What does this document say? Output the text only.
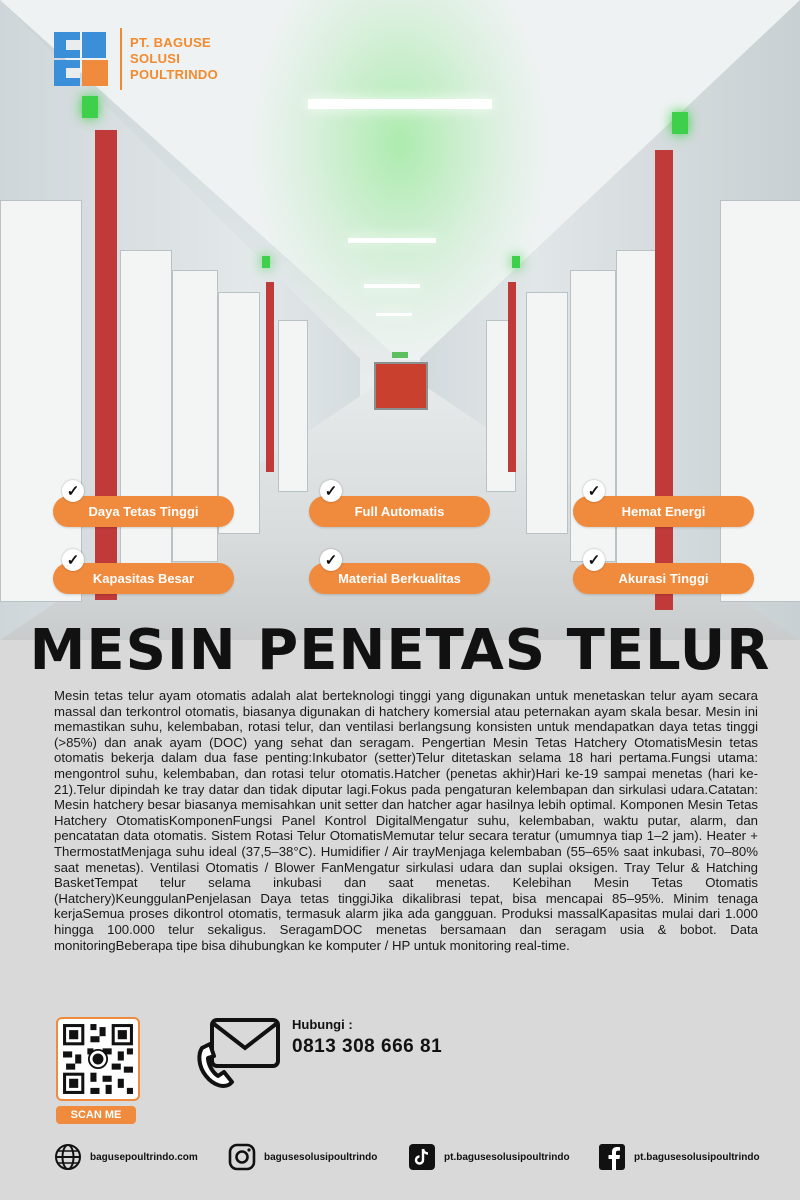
PT. BAGUSE
SOLUSI
POULTRINDO
Daya Tetas Tinggi
✓
Full Automatis
✓
Hemat Energi
✓
Kapasitas Besar
✓
Material Berkualitas
✓
Akurasi Tinggi
✓
MESIN PENETAS TELUR
Mesin tetas telur ayam otomatis adalah alat berteknologi tinggi yang digunakan untuk menetaskan telur ayam secara massal dan terkontrol otomatis, biasanya digunakan di hatchery komersial atau peternakan ayam skala besar. Mesin ini memastikan suhu, kelembaban, rotasi telur, dan ventilasi berlangsung konsisten untuk mendapatkan daya tetas tinggi (>85%) dan anak ayam (DOC) yang sehat dan seragam. Pengertian Mesin Tetas Hatchery OtomatisMesin tetas otomatis bekerja dalam dua fase penting:Inkubator (setter)Telur ditetaskan selama 18 hari pertama.Fungsi utama: mengontrol suhu, kelembaban, dan rotasi telur otomatis.Hatcher (penetas akhir)Hari ke-19 sampai menetas (hari ke-21).Telur dipindah ke tray datar dan tidak diputar lagi.Fokus pada pengaturan kelembapan dan sirkulasi udara.Catatan: Mesin hatchery besar biasanya memisahkan unit setter dan hatcher agar hasilnya lebih optimal. Komponen Mesin Tetas Hatchery OtomatisKomponenFungsi Panel Kontrol DigitalMengatur suhu, kelembaban, waktu putar, alarm, dan pencatatan data otomatis. Sistem Rotasi Telur OtomatisMemutar telur secara teratur (umumnya tiap 1–2 jam). Heater + ThermostatMenjaga suhu ideal (37,5–38°C). Humidifier / Air trayMenjaga kelembaban (55–65% saat inkubasi, 70–80% saat menetas). Ventilasi Otomatis / Blower FanMengatur sirkulasi udara dan suplai oksigen. Tray Telur & Hatching BasketTempat telur selama inkubasi dan saat menetas. Kelebihan Mesin Tetas Otomatis (Hatchery)KeunggulanPenjelasan Daya tetas tinggiJika dikalibrasi tepat, bisa mencapai 85–95%. Minim tenaga kerjaSemua proses dikontrol otomatis, termasuk alarm jika ada gangguan. Produksi massalKapasitas mulai dari 1.000 hingga 100.000 telur sekaligus. SeragamDOC menetas bersamaan dan seragam usia & bobot. Data monitoringBeberapa tipe bisa dihubungkan ke komputer / HP untuk monitoring real-time.
SCAN ME
Hubungi :
0813 308 666 81
bagusepoultrindo.com	bagusesolusipoultrindo	pt.bagusesolusipoultrindo	pt.bagusesolusipoultrindo
